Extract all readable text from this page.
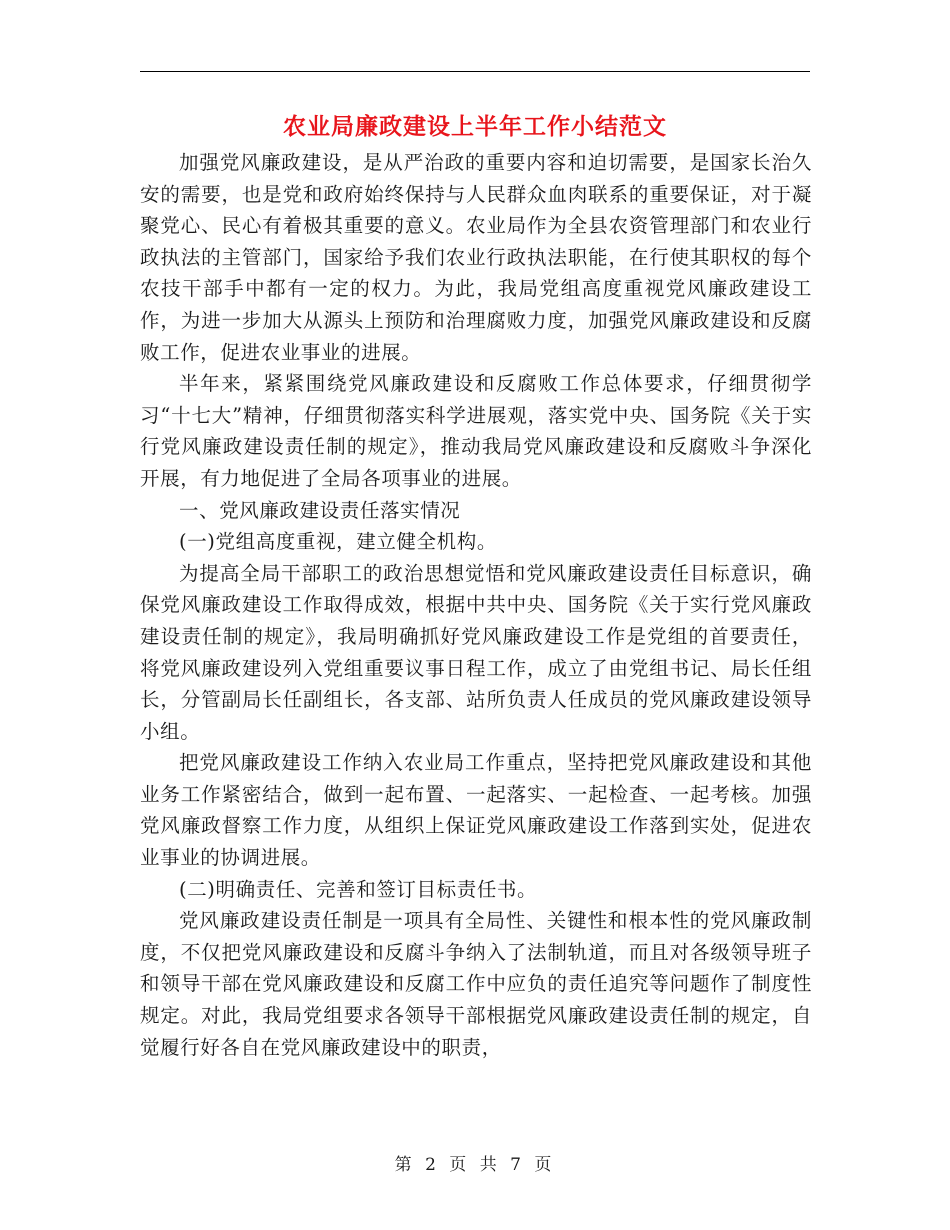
农业局廉政建设上半年工作小结范文

加强党风廉政建设，是从严治政的重要内容和迫切需要，是国家长治久安的需要，也是党和政府始终保持与人民群众血肉联系的重要保证，对于凝聚党心、民心有着极其重要的意义。农业局作为全县农资管理部门和农业行政执法的主管部门，国家给予我们农业行政执法职能，在行使其职权的每个农技干部手中都有一定的权力。为此，我局党组高度重视党风廉政建设工作，为进一步加大从源头上预防和治理腐败力度，加强党风廉政建设和反腐败工作，促进农业事业的进展。

半年来，紧紧围绕党风廉政建设和反腐败工作总体要求，仔细贯彻学习“十七大”精神，仔细贯彻落实科学进展观，落实党中央、国务院《关于实行党风廉政建设责任制的规定》，推动我局党风廉政建设和反腐败斗争深化开展，有力地促进了全局各项事业的进展。

一、党风廉政建设责任落实情况

(一)党组高度重视，建立健全机构。

为提高全局干部职工的政治思想觉悟和党风廉政建设责任目标意识，确保党风廉政建设工作取得成效，根据中共中央、国务院《关于实行党风廉政建设责任制的规定》，我局明确抓好党风廉政建设工作是党组的首要责任，将党风廉政建设列入党组重要议事日程工作，成立了由党组书记、局长任组长，分管副局长任副组长，各支部、站所负责人任成员的党风廉政建设领导小组。

把党风廉政建设工作纳入农业局工作重点，坚持把党风廉政建设和其他业务工作紧密结合，做到一起布置、一起落实、一起检查、一起考核。加强党风廉政督察工作力度，从组织上保证党风廉政建设工作落到实处，促进农业事业的协调进展。

(二)明确责任、完善和签订目标责任书。

党风廉政建设责任制是一项具有全局性、关键性和根本性的党风廉政制度，不仅把党风廉政建设和反腐斗争纳入了法制轨道，而且对各级领导班子和领导干部在党风廉政建设和反腐工作中应负的责任追究等问题作了制度性规定。对此，我局党组要求各领导干部根据党风廉政建设责任制的规定，自觉履行好各自在党风廉政建设中的职责，

第 2 页 共 7 页
